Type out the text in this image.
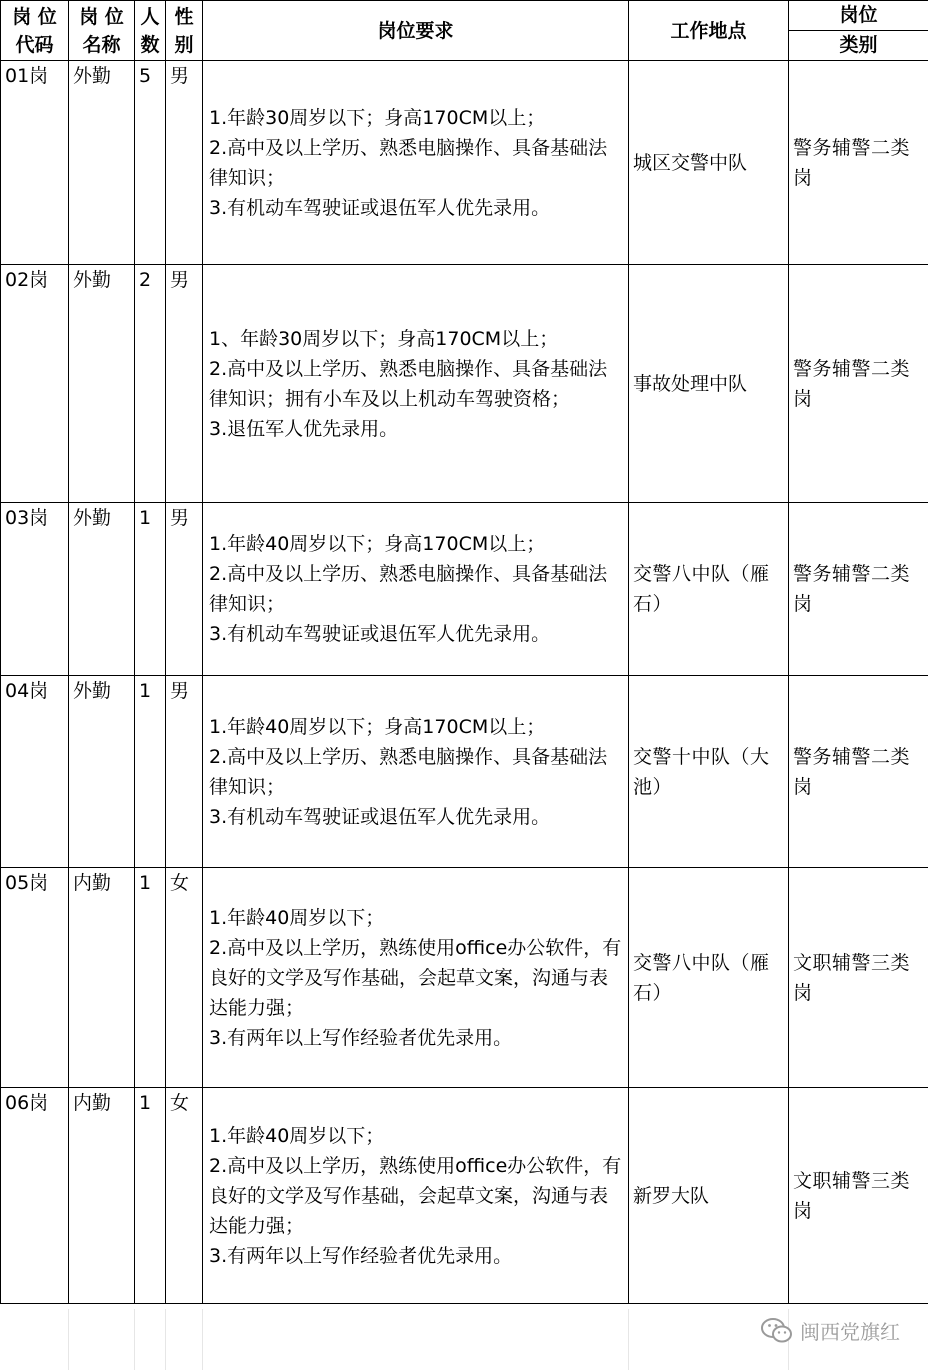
岗 位代码	岗 位名称	人数	性别	岗位要求	工作地点	岗位
类别

01岗	外勤	5	男	1.年龄30周岁以下；身高170CM以上；
2.高中及以上学历、熟悉电脑操作、具备基础法律知识；
3.有机动车驾驶证或退伍军人优先录用。	城区交警中队	警务辅警二类岗
02岗	外勤	2	男	1、年龄30周岁以下；身高170CM以上；
2.高中及以上学历、熟悉电脑操作、具备基础法律知识；拥有小车及以上机动车驾驶资格；
3.退伍军人优先录用。	事故处理中队	警务辅警二类岗
03岗	外勤	1	男	1.年龄40周岁以下；身高170CM以上；
2.高中及以上学历、熟悉电脑操作、具备基础法律知识；
3.有机动车驾驶证或退伍军人优先录用。	交警八中队（雁石）	警务辅警二类岗
04岗	外勤	1	男	1.年龄40周岁以下；身高170CM以上；
2.高中及以上学历、熟悉电脑操作、具备基础法律知识；
3.有机动车驾驶证或退伍军人优先录用。	交警十中队（大池）	警务辅警二类岗
05岗	内勤	1	女	1.年龄40周岁以下；
2.高中及以上学历，熟练使用office办公软件，有良好的文学及写作基础，会起草文案，沟通与表达能力强；
3.有两年以上写作经验者优先录用。	交警八中队（雁石）	文职辅警三类岗
06岗	内勤	1	女	1.年龄40周岁以下；
2.高中及以上学历，熟练使用office办公软件，有良好的文学及写作基础，会起草文案，沟通与表达能力强；
3.有两年以上写作经验者优先录用。	新罗大队	文职辅警三类岗
闽西党旗红
